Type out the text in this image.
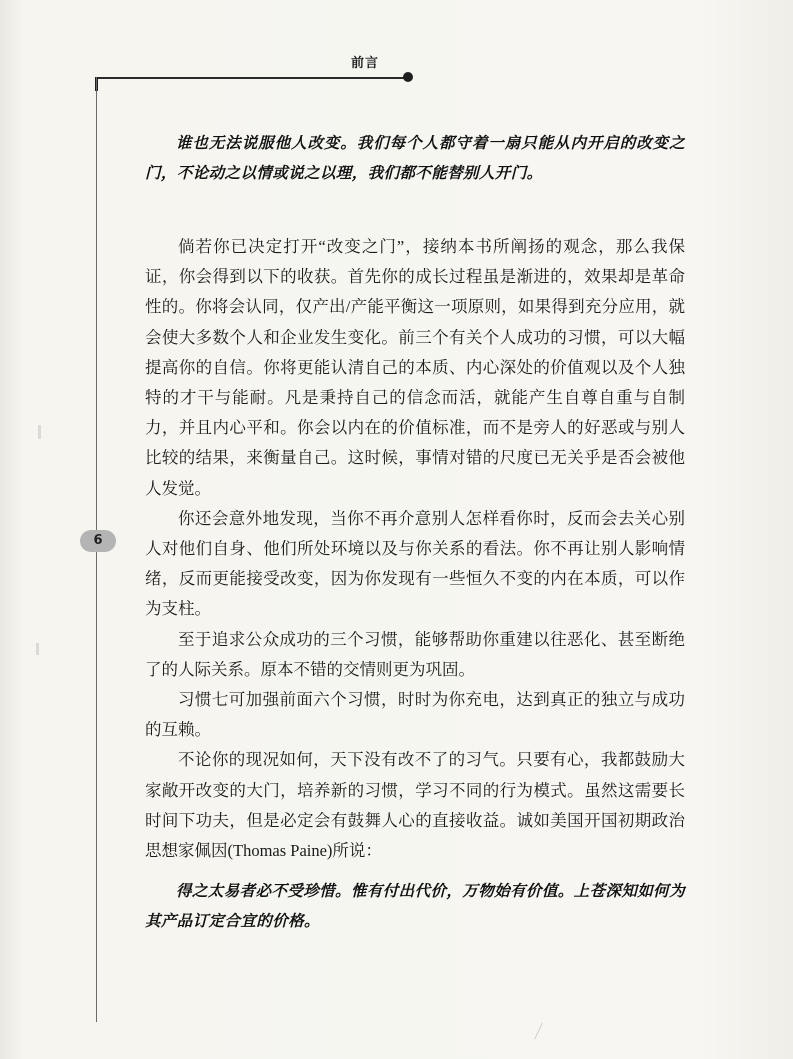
前言
6

谁也无法说服他人改变。我们每个人都守着一扇只能从内开启的改变之门，不论动之以情或说之以理，我们都不能替别人开门。

倘若你已决定打开“改变之门”，接纳本书所阐扬的观念，那么我保证，你会得到以下的收获。首先你的成长过程虽是渐进的，效果却是革命性的。你将会认同，仅产出/产能平衡这一项原则，如果得到充分应用，就会使大多数个人和企业发生变化。前三个有关个人成功的习惯，可以大幅提高你的自信。你将更能认清自己的本质、内心深处的价值观以及个人独特的才干与能耐。凡是秉持自己的信念而活，就能产生自尊自重与自制力，并且内心平和。你会以内在的价值标准，而不是旁人的好恶或与别人比较的结果，来衡量自己。这时候，事情对错的尺度已无关乎是否会被他人发觉。

你还会意外地发现，当你不再介意别人怎样看你时，反而会去关心别人对他们自身、他们所处环境以及与你关系的看法。你不再让别人影响情绪，反而更能接受改变，因为你发现有一些恒久不变的内在本质，可以作为支柱。

至于追求公众成功的三个习惯，能够帮助你重建以往恶化、甚至断绝了的人际关系。原本不错的交情则更为巩固。

习惯七可加强前面六个习惯，时时为你充电，达到真正的独立与成功的互赖。

不论你的现况如何，天下没有改不了的习气。只要有心，我都鼓励大家敞开改变的大门，培养新的习惯，学习不同的行为模式。虽然这需要长时间下功夫，但是必定会有鼓舞人心的直接收益。诚如美国开国初期政治思想家佩因(Thomas Paine)所说：

得之太易者必不受珍惜。惟有付出代价，万物始有价值。上苍深知如何为其产品订定合宜的价格。
